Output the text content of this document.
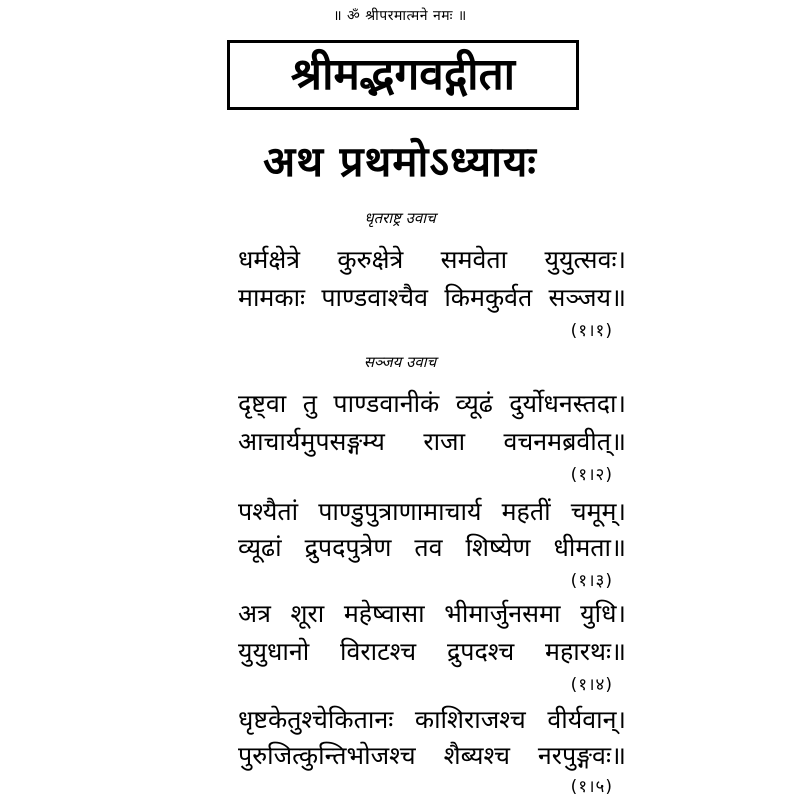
॥ ॐ श्रीपरमात्मने नमः ॥
श्रीमद्भगवद्गीता
अथ प्रथमोऽध्यायः
धृतराष्ट्र उवाच
धर्मक्षेत्रे कुरुक्षेत्रे समवेता युयुत्सवः।
मामकाः पाण्डवाश्चैव किमकुर्वत सञ्जय॥
(१।१)
सञ्जय उवाच
दृष्ट्वा तु पाण्डवानीकं व्यूढं दुर्योधनस्तदा।
आचार्यमुपसङ्गम्य राजा वचनमब्रवीत्॥
(१।२)
पश्यैतां पाण्डुपुत्राणामाचार्य महतीं चमूम्।
व्यूढां द्रुपदपुत्रेण तव शिष्येण धीमता॥
(१।३)
अत्र शूरा महेष्वासा भीमार्जुनसमा युधि।
युयुधानो विराटश्च द्रुपदश्च महारथः॥
(१।४)
धृष्टकेतुश्चेकितानः काशिराजश्च वीर्यवान्।
पुरुजित्कुन्तिभोजश्च शैब्यश्च नरपुङ्गवः॥
(१।५)
